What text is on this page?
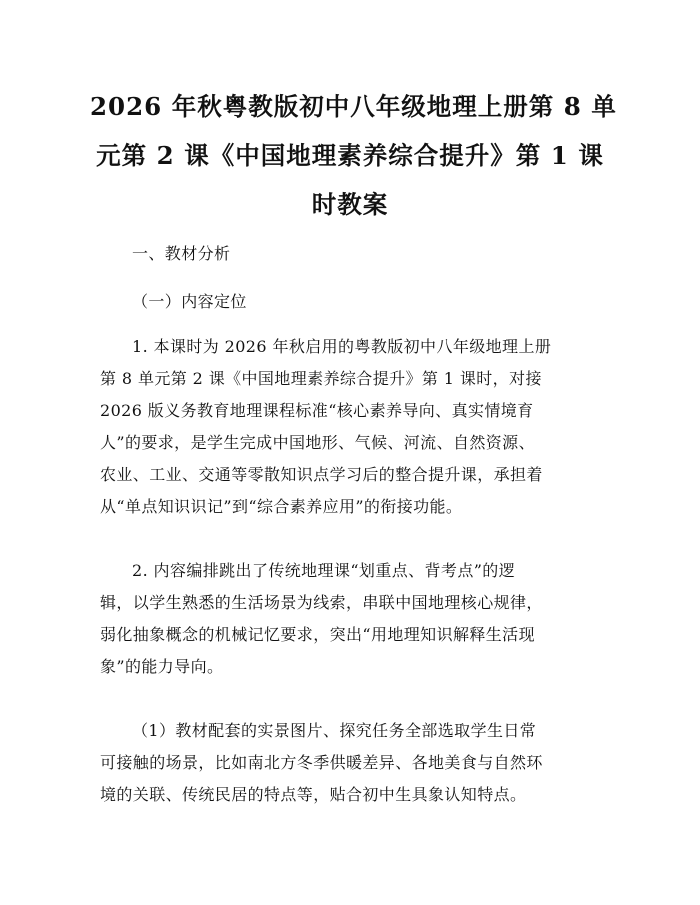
2026 年秋粤教版初中八年级地理上册第 8 单
元第 2 课《中国地理素养综合提升》第 1 课
时教案

一、教材分析

（一）内容定位

1. 本课时为 2026 年秋启用的粤教版初中八年级地理上册
第 8 单元第 2 课《中国地理素养综合提升》第 1 课时，对接
2026 版义务教育地理课程标准“核心素养导向、真实情境育
人”的要求，是学生完成中国地形、气候、河流、自然资源、
农业、工业、交通等零散知识点学习后的整合提升课，承担着
从“单点知识识记”到“综合素养应用”的衔接功能。

2. 内容编排跳出了传统地理课“划重点、背考点”的逻
辑，以学生熟悉的生活场景为线索，串联中国地理核心规律，
弱化抽象概念的机械记忆要求，突出“用地理知识解释生活现
象”的能力导向。

（1）教材配套的实景图片、探究任务全部选取学生日常
可接触的场景，比如南北方冬季供暖差异、各地美食与自然环
境的关联、传统民居的特点等，贴合初中生具象认知特点。
